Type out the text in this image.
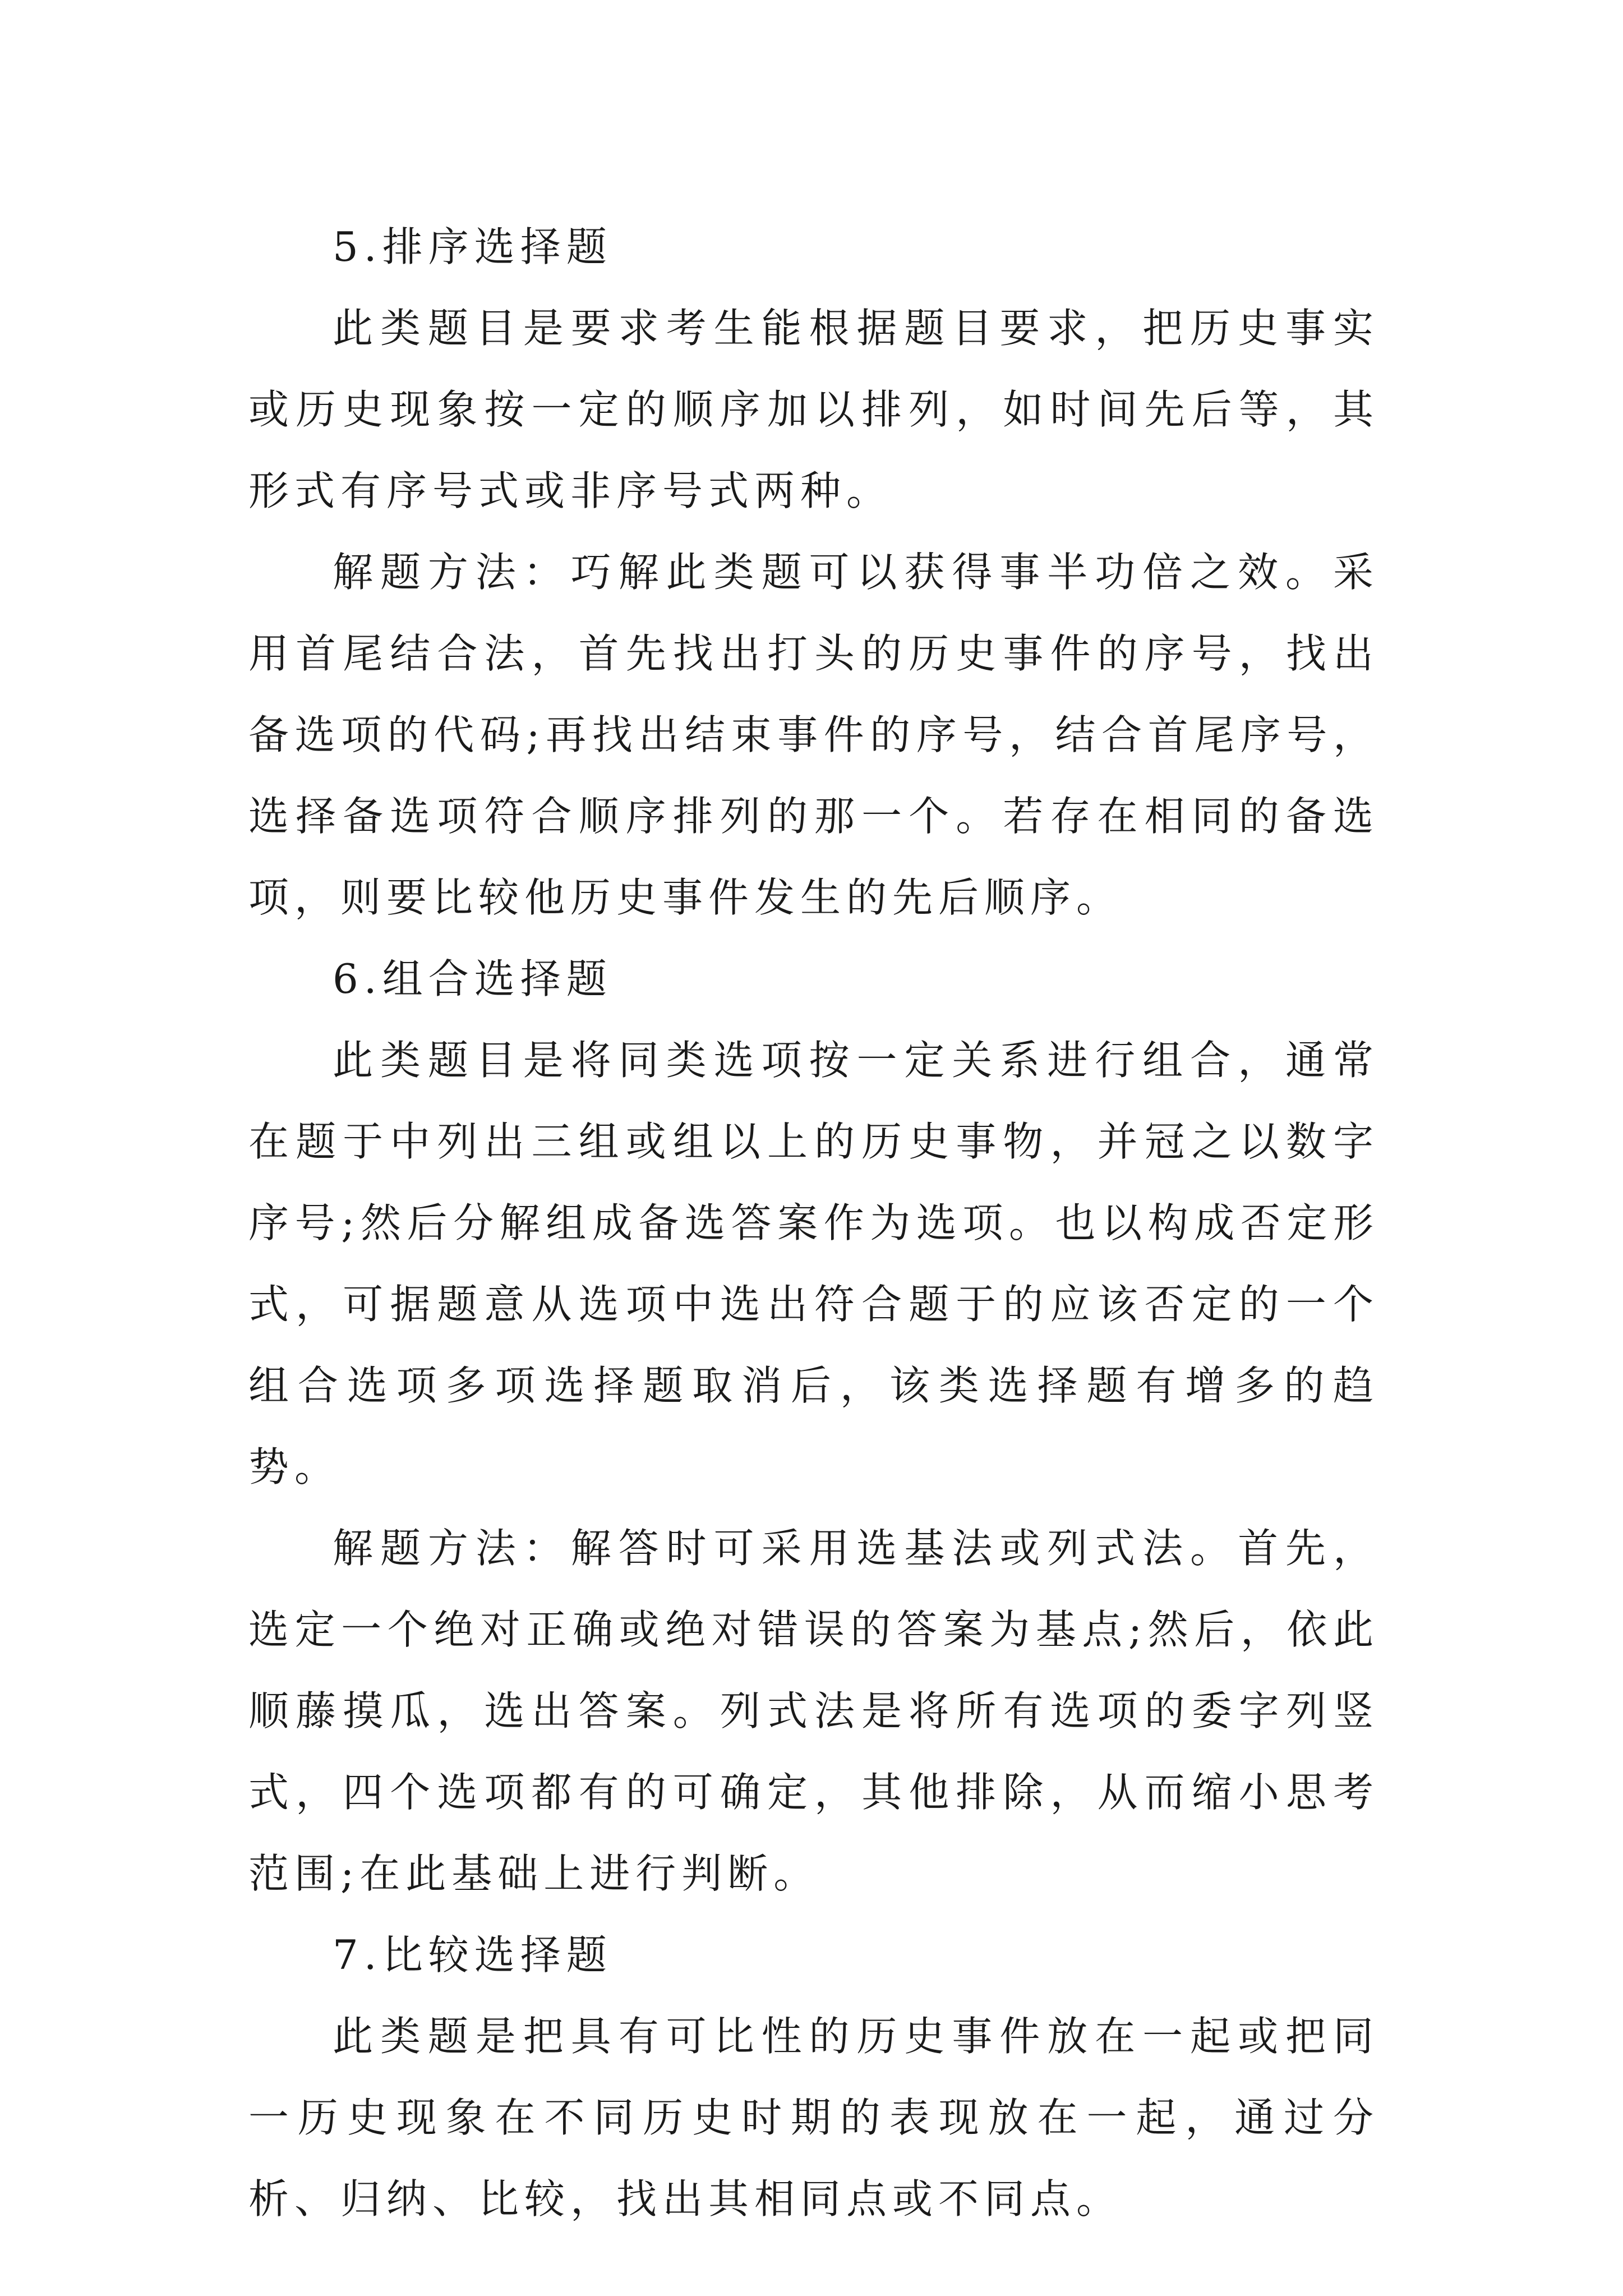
5.排序选择题

此类题目是要求考生能根据题目要求，把历史事实或历史现象按一定的顺序加以排列，如时间先后等，其形式有序号式或非序号式两种。

解题方法：巧解此类题可以获得事半功倍之效。采用首尾结合法，首先找出打头的历史事件的序号，找出备选项的代码;再找出结束事件的序号，结合首尾序号，选择备选项符合顺序排列的那一个。若存在相同的备选项，则要比较他历史事件发生的先后顺序。

6.组合选择题

此类题目是将同类选项按一定关系进行组合，通常在题于中列出三组或组以上的历史事物，并冠之以数字序号;然后分解组成备选答案作为选项。也以构成否定形式，可据题意从选项中选出符合题于的应该否定的一个组合选项多项选择题取消后，该类选择题有增多的趋势。

解题方法：解答时可采用选基法或列式法。首先，选定一个绝对正确或绝对错误的答案为基点;然后，依此顺藤摸瓜，选出答案。列式法是将所有选项的委字列竖式，四个选项都有的可确定，其他排除，从而缩小思考范围;在此基础上进行判断。

7.比较选择题

此类题是把具有可比性的历史事件放在一起或把同一历史现象在不同历史时期的表现放在一起，通过分析、归纳、比较，找出其相同点或不同点。
